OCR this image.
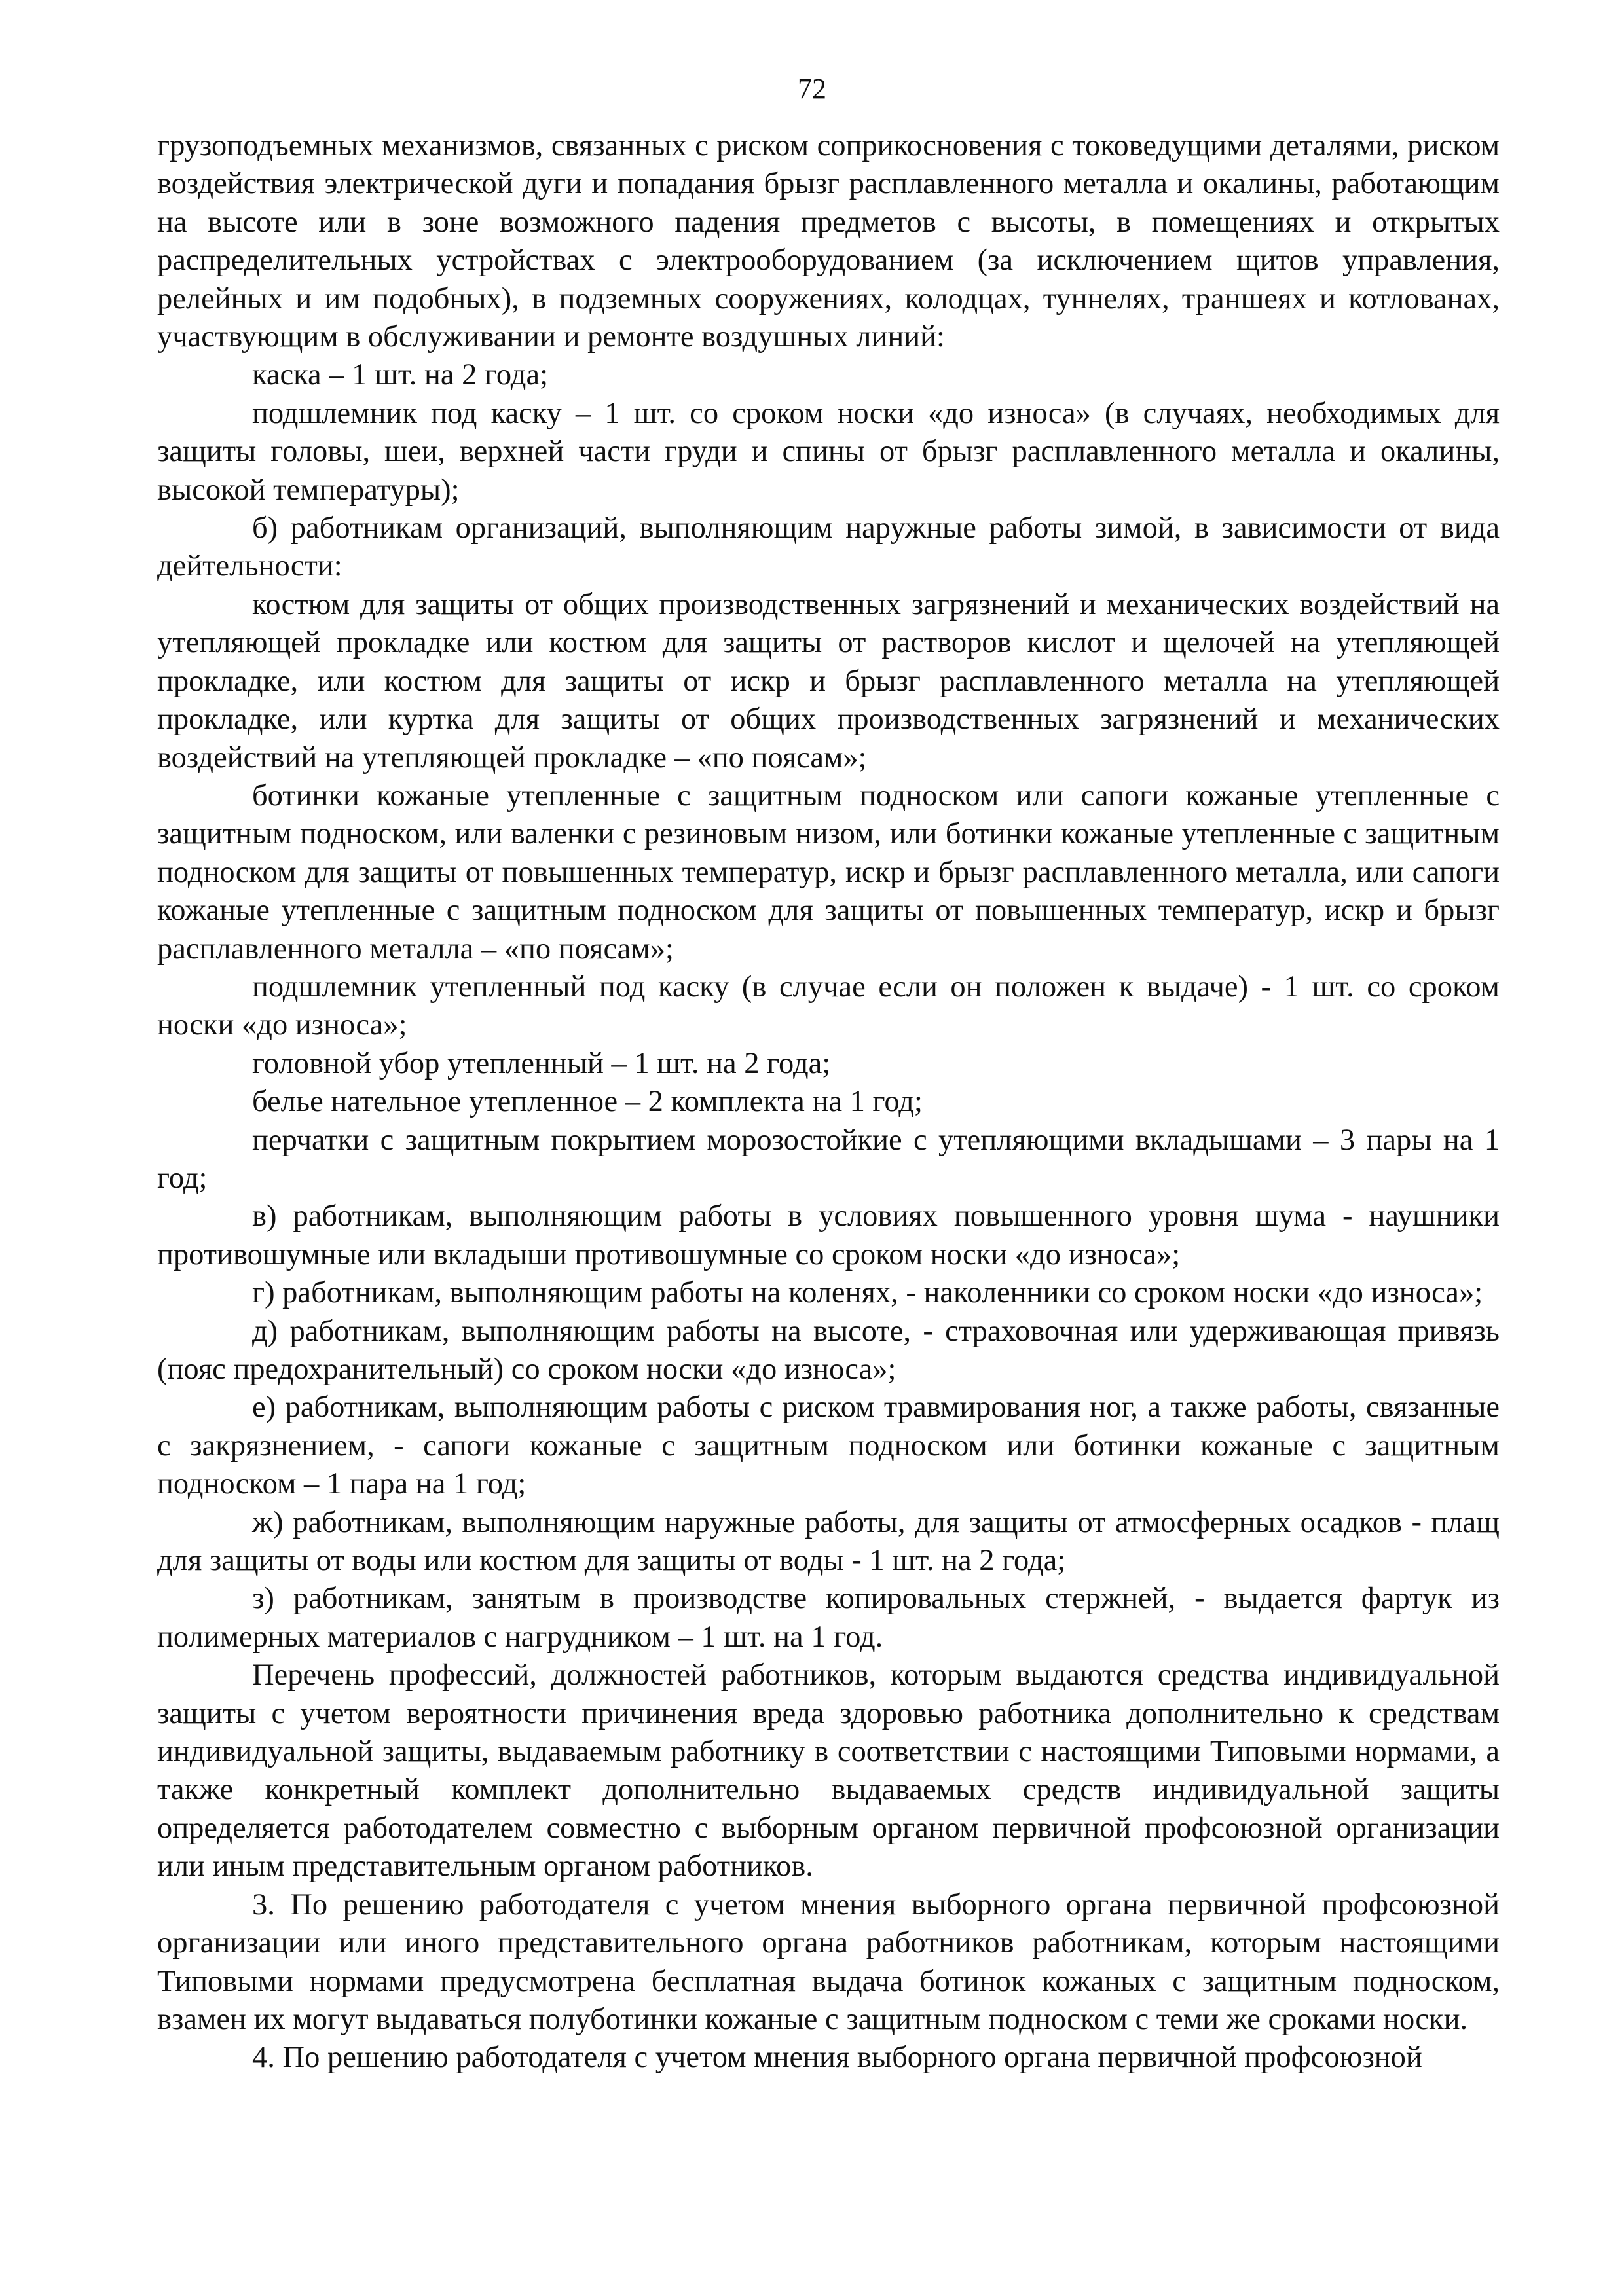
72

грузоподъемных механизмов, связанных с риском соприкосновения с токоведущими деталями, риском воздействия электрической дуги и попадания брызг расплавленного металла и окалины, работающим на высоте или в зоне возможного падения предметов с высоты, в помещениях и открытых распределительных устройствах с электрооборудованием (за исключением щитов управления, релейных и им подобных), в подземных сооружениях, колодцах, туннелях, траншеях и котлованах, участвующим в обслуживании и ремонте воздушных линий:

каска – 1 шт. на 2 года;

подшлемник под каску – 1 шт. со сроком носки «до износа» (в случаях, необходимых для защиты головы, шеи, верхней части груди и спины от брызг расплавленного металла и окалины, высокой температуры);

б) работникам организаций, выполняющим наружные работы зимой, в зависимости от вида дейтельности:

костюм для защиты от общих производственных загрязнений и механических воздействий на утепляющей прокладке или костюм для защиты от растворов кислот и щелочей на утепляющей прокладке, или костюм для защиты от искр и брызг расплавленного металла на утепляющей прокладке, или куртка для защиты от общих производственных загрязнений и механических воздействий на утепляющей прокладке – «по поясам»;

ботинки кожаные утепленные с защитным подноском или сапоги кожаные утепленные с защитным подноском, или валенки с резиновым низом, или ботинки кожаные утепленные с защитным подноском для защиты от повышенных температур, искр и брызг расплавленного металла, или сапоги кожаные утепленные с защитным подноском для защиты от повышенных температур, искр и брызг расплавленного металла – «по поясам»;

подшлемник утепленный под каску (в случае если он положен к выдаче) - 1 шт. со сроком носки «до износа»;

головной убор утепленный – 1 шт. на 2 года;

белье нательное утепленное – 2 комплекта на 1 год;

перчатки с защитным покрытием морозостойкие с утепляющими вкладышами – 3 пары на 1 год;

в) работникам, выполняющим работы в условиях повышенного уровня шума - наушники противошумные или вкладыши противошумные со сроком носки «до износа»;

г) работникам, выполняющим работы на коленях, - наколенники со сроком носки «до износа»;

д) работникам, выполняющим работы на высоте, - страховочная или удерживающая привязь (пояс предохранительный) со сроком носки «до износа»;

е) работникам, выполняющим работы с риском травмирования ног, а также работы, связанные с закрязнением, - сапоги кожаные с защитным подноском или ботинки кожаные с защитным подноском – 1 пара на 1 год;

ж) работникам, выполняющим наружные работы, для защиты от атмосферных осадков - плащ для защиты от воды или костюм для защиты от воды - 1 шт. на 2 года;

з) работникам, занятым в производстве копировальных стержней, - выдается фартук из полимерных материалов с нагрудником – 1 шт. на 1 год.

Перечень профессий, должностей работников, которым выдаются средства индивидуальной защиты с учетом вероятности причинения вреда здоровью работника дополнительно к средствам индивидуальной защиты, выдаваемым работнику в соответствии с настоящими Типовыми нормами, а также конкретный комплект дополнительно выдаваемых средств индивидуальной защиты определяется работодателем совместно с выборным органом первичной профсоюзной организации или иным представительным органом работников.

3. По решению работодателя с учетом мнения выборного органа первичной профсоюзной организации или иного представительного органа работников работникам, которым настоящими Типовыми нормами предусмотрена бесплатная выдача ботинок кожаных с защитным подноском, взамен их могут выдаваться полуботинки кожаные с защитным подноском с теми же сроками носки.

4. По решению работодателя с учетом мнения выборного органа первичной профсоюзной
